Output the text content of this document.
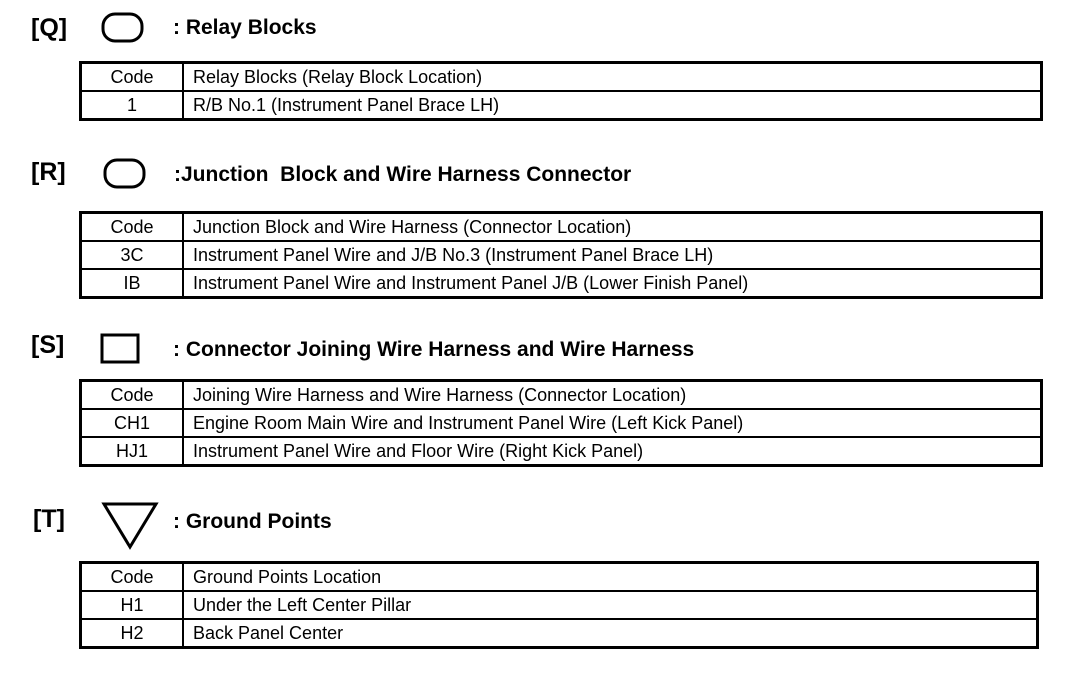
[Q]	: Relay Blocks
Code	Relay Blocks (Relay Block Location)
1	R/B No.1 (Instrument Panel Brace LH)
[R]	:Junction  Block and Wire Harness Connector
Code	Junction Block and Wire Harness (Connector Location)
3C	Instrument Panel Wire and J/B No.3 (Instrument Panel Brace LH)
IB	Instrument Panel Wire and Instrument Panel J/B (Lower Finish Panel)
[S]	: Connector Joining Wire Harness and Wire Harness
Code	Joining Wire Harness and Wire Harness (Connector Location)
CH1	Engine Room Main Wire and Instrument Panel Wire (Left Kick Panel)
HJ1	Instrument Panel Wire and Floor Wire (Right Kick Panel)
[T]	: Ground Points
Code	Ground Points Location
H1	Under the Left Center Pillar
H2	Back Panel Center
